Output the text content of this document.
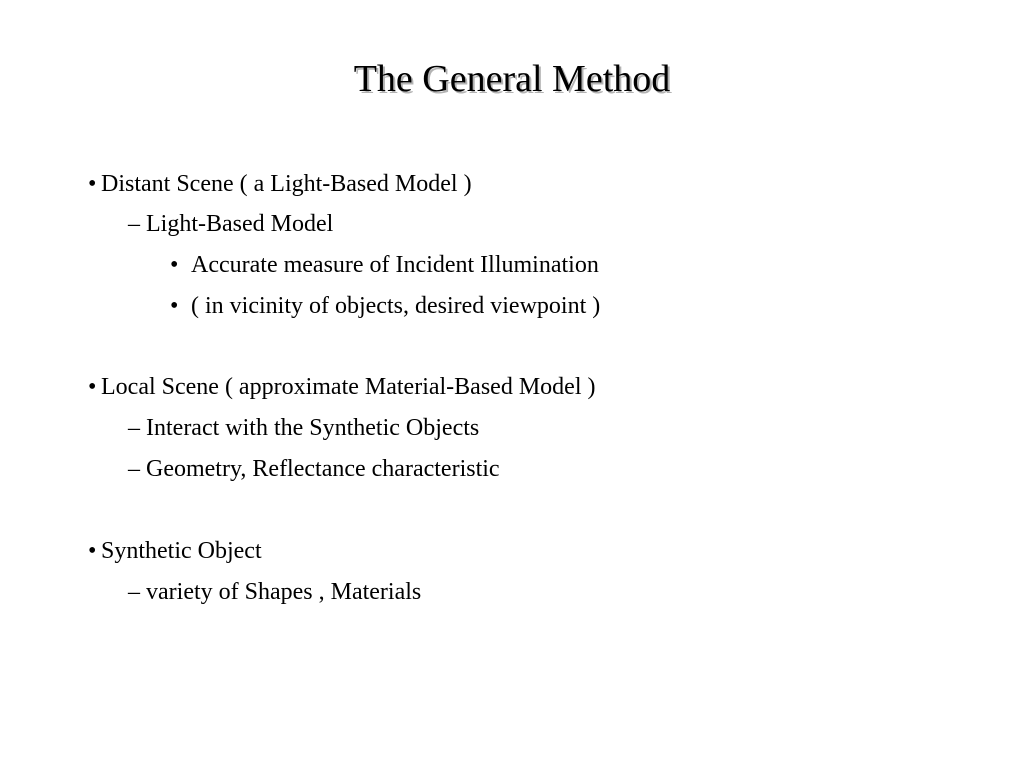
The General Method
• Distant Scene ( a Light-Based Model )
– Light-Based Model
• Accurate measure of Incident Illumination
• ( in vicinity of objects, desired viewpoint )
• Local Scene ( approximate Material-Based Model )
– Interact with the Synthetic Objects
– Geometry, Reflectance characteristic
• Synthetic Object
– variety of Shapes , Materials
